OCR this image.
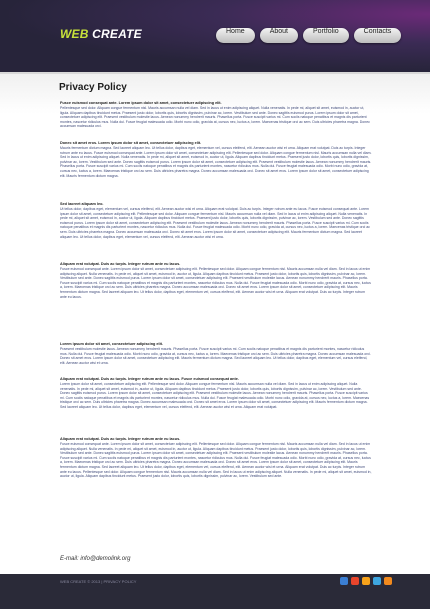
WEB CREATE	Home	About	Portfolio	Contacts
Privacy Policy
Fusce euismod consequat ante. Lorem ipsum dolor sit amet, consectetuer adipiscing elit.
Pellentesque sed dolor. Aliquam congue fermentum nisl. Mauris accumsan nulla vel diam. Sed in lacus ut enim adipiscing aliquet. Nulla venenatis. In pede mi, aliquet sit amet, euismod in, auctor ut, ligula. Aliquam dapibus tincidunt metus. Praesent justo dolor, lobortis quis, lobortis dignissim, pulvinar ac, lorem. Vestibulum sed ante. Donec sagittis euismod purus. Lorem ipsum dolor sit amet, consectetuer adipiscing elit. Praesent vestibulum molestie lacus. Aenean nonummy hendrerit mauris. Phasellus porta. Fusce suscipit varius mi. Cum sociis natoque penatibus et magnis dis parturient montes, nascetur ridiculus mus. Nulla dui. Fusce feugiat malesuada odio. Morbi nunc odio, gravida at, cursus nec, luctus a, lorem. Maecenas tristique orci ac sem. Duis ultricies pharetra magna. Donec accumsan malesuada orci.
Donec sit amet eros. Lorem ipsum dolor sit amet, consectetuer adipiscing elit.
Mauris fermentum dictum magna. Sed laoreet aliquam leo. Ut tellus dolor, dapibus eget, elementum vel, cursus eleifend, elit. Aenean auctor wisi et urna. Aliquam erat volutpat. Duis ac turpis. Integer rutrum ante eu lacus. Fusce euismod consequat ante. Lorem ipsum dolor sit amet, consectetuer adipiscing elit. Pellentesque sed dolor. Aliquam congue fermentum nisl. Mauris accumsan nulla vel diam. Sed in lacus ut enim adipiscing aliquet. Nulla venenatis. In pede mi, aliquet sit amet, euismod in, auctor ut, ligula. Aliquam dapibus tincidunt metus. Praesent justo dolor, lobortis quis, lobortis dignissim, pulvinar ac, lorem. Vestibulum sed ante. Donec sagittis euismod purus. Lorem ipsum dolor sit amet, consectetuer adipiscing elit. Praesent vestibulum molestie lacus. Aenean nonummy hendrerit mauris. Phasellus porta. Fusce suscipit varius mi. Cum sociis natoque penatibus et magnis dis parturient montes, nascetur ridiculus mus. Nulla dui. Fusce feugiat malesuada odio. Morbi nunc odio, gravida at, cursus nec, luctus a, lorem. Maecenas tristique orci ac sem. Duis ultricies pharetra magna. Donec accumsan malesuada orci. Donec sit amet eros. Lorem ipsum dolor sit amet, consectetuer adipiscing elit. Mauris fermentum dictum magna.
Sed laoreet aliquam leo.
Ut tellus dolor, dapibus eget, elementum vel, cursus eleifend, elit. Aenean auctor wisi et urna. Aliquam erat volutpat. Duis ac turpis. Integer rutrum ante eu lacus. Fusce euismod consequat ante. Lorem ipsum dolor sit amet, consectetuer adipiscing elit. Pellentesque sed dolor. Aliquam congue fermentum nisl. Mauris accumsan nulla vel diam. Sed in lacus ut enim adipiscing aliquet. Nulla venenatis. In pede mi, aliquet sit amet, euismod in, auctor ut, ligula. Aliquam dapibus tincidunt metus. Praesent justo dolor, lobortis quis, lobortis dignissim, pulvinar ac, lorem. Vestibulum sed ante. Donec sagittis euismod purus. Lorem ipsum dolor sit amet, consectetuer adipiscing elit. Praesent vestibulum molestie lacus. Aenean nonummy hendrerit mauris. Phasellus porta. Fusce suscipit varius mi. Cum sociis natoque penatibus et magnis dis parturient montes, nascetur ridiculus mus. Nulla dui. Fusce feugiat malesuada odio. Morbi nunc odio, gravida at, cursus nec, luctus a, lorem. Maecenas tristique orci ac sem. Duis ultricies pharetra magna. Donec accumsan malesuada orci. Donec sit amet eros. Lorem ipsum dolor sit amet, consectetuer adipiscing elit. Mauris fermentum dictum magna. Sed laoreet aliquam leo. Ut tellus dolor, dapibus eget, elementum vel, cursus eleifend, elit. Aenean auctor wisi et urna.
Aliquam erat volutpat. Duis ac turpis. Integer rutrum ante eu lacus.
Fusce euismod consequat ante. Lorem ipsum dolor sit amet, consectetuer adipiscing elit. Pellentesque sed dolor. Aliquam congue fermentum nisl. Mauris accumsan nulla vel diam. Sed in lacus ut enim adipiscing aliquet. Nulla venenatis. In pede mi, aliquet sit amet, euismod in, auctor ut, ligula. Aliquam dapibus tincidunt metus. Praesent justo dolor, lobortis quis, lobortis dignissim, pulvinar ac, lorem. Vestibulum sed ante. Donec sagittis euismod purus. Lorem ipsum dolor sit amet, consectetuer adipiscing elit. Praesent vestibulum molestie lacus. Aenean nonummy hendrerit mauris. Phasellus porta. Fusce suscipit varius mi. Cum sociis natoque penatibus et magnis dis parturient montes, nascetur ridiculus mus. Nulla dui. Fusce feugiat malesuada odio. Morbi nunc odio, gravida at, cursus nec, luctus a, lorem. Maecenas tristique orci ac sem. Duis ultricies pharetra magna. Donec accumsan malesuada orci. Donec sit amet eros. Lorem ipsum dolor sit amet, consectetuer adipiscing elit. Mauris fermentum dictum magna. Sed laoreet aliquam leo. Ut tellus dolor, dapibus eget, elementum vel, cursus eleifend, elit. Aenean auctor wisi et urna. Aliquam erat volutpat. Duis ac turpis. Integer rutrum ante eu lacus.
Lorem ipsum dolor sit amet, consectetuer adipiscing elit.
Praesent vestibulum molestie lacus. Aenean nonummy hendrerit mauris. Phasellus porta. Fusce suscipit varius mi. Cum sociis natoque penatibus et magnis dis parturient montes, nascetur ridiculus mus. Nulla dui. Fusce feugiat malesuada odio. Morbi nunc odio, gravida at, cursus nec, luctus a, lorem. Maecenas tristique orci ac sem. Duis ultricies pharetra magna. Donec accumsan malesuada orci. Donec sit amet eros. Lorem ipsum dolor sit amet, consectetuer adipiscing elit. Mauris fermentum dictum magna. Sed laoreet aliquam leo. Ut tellus dolor, dapibus eget, elementum vel, cursus eleifend, elit. Aenean auctor wisi et urna.
Aliquam erat volutpat. Duis ac turpis. Integer rutrum ante eu lacus. Fusce euismod consequat ante.
Lorem ipsum dolor sit amet, consectetuer adipiscing elit. Pellentesque sed dolor. Aliquam congue fermentum nisl. Mauris accumsan nulla vel diam. Sed in lacus ut enim adipiscing aliquet. Nulla venenatis. In pede mi, aliquet sit amet, euismod in, auctor ut, ligula. Aliquam dapibus tincidunt metus. Praesent justo dolor, lobortis quis, lobortis dignissim, pulvinar ac, lorem. Vestibulum sed ante. Donec sagittis euismod purus. Lorem ipsum dolor sit amet, consectetuer adipiscing elit. Praesent vestibulum molestie lacus. Aenean nonummy hendrerit mauris. Phasellus porta. Fusce suscipit varius mi. Cum sociis natoque penatibus et magnis dis parturient montes, nascetur ridiculus mus. Nulla dui. Fusce feugiat malesuada odio. Morbi nunc odio, gravida at, cursus nec, luctus a, lorem. Maecenas tristique orci ac sem. Duis ultricies pharetra magna. Donec accumsan malesuada orci. Donec sit amet eros. Lorem ipsum dolor sit amet, consectetuer adipiscing elit. Mauris fermentum dictum magna. Sed laoreet aliquam leo. Ut tellus dolor, dapibus eget, elementum vel, cursus eleifend, elit. Aenean auctor wisi et urna. Aliquam erat volutpat.
Aliquam erat volutpat. Duis ac turpis. Integer rutrum ante eu lacus.
Fusce euismod consequat ante. Lorem ipsum dolor sit amet, consectetuer adipiscing elit. Pellentesque sed dolor. Aliquam congue fermentum nisl. Mauris accumsan nulla vel diam. Sed in lacus ut enim adipiscing aliquet. Nulla venenatis. In pede mi, aliquet sit amet, euismod in, auctor ut, ligula. Aliquam dapibus tincidunt metus. Praesent justo dolor, lobortis quis, lobortis dignissim, pulvinar ac, lorem. Vestibulum sed ante. Donec sagittis euismod purus. Lorem ipsum dolor sit amet, consectetuer adipiscing elit. Praesent vestibulum molestie lacus. Aenean nonummy hendrerit mauris. Phasellus porta. Fusce suscipit varius mi. Cum sociis natoque penatibus et magnis dis parturient montes, nascetur ridiculus mus. Nulla dui. Fusce feugiat malesuada odio. Morbi nunc odio, gravida at, cursus nec, luctus a, lorem. Maecenas tristique orci ac sem. Duis ultricies pharetra magna. Donec accumsan malesuada orci. Donec sit amet eros. Lorem ipsum dolor sit amet, consectetuer adipiscing elit. Mauris fermentum dictum magna. Sed laoreet aliquam leo. Ut tellus dolor, dapibus eget, elementum vel, cursus eleifend, elit. Aenean auctor wisi et urna. Aliquam erat volutpat. Duis ac turpis. Integer rutrum ante eu lacus. Pellentesque sed dolor. Aliquam congue fermentum nisl. Mauris accumsan nulla vel diam. Sed in lacus ut enim adipiscing aliquet. Nulla venenatis. In pede mi, aliquet sit amet, euismod in, auctor ut, ligula. Aliquam dapibus tincidunt metus. Praesent justo dolor, lobortis quis, lobortis dignissim, pulvinar ac, lorem. Vestibulum sed ante.
E-mail: info@demolink.org
WEB CREATE © 2013 | PRIVACY POLICY
